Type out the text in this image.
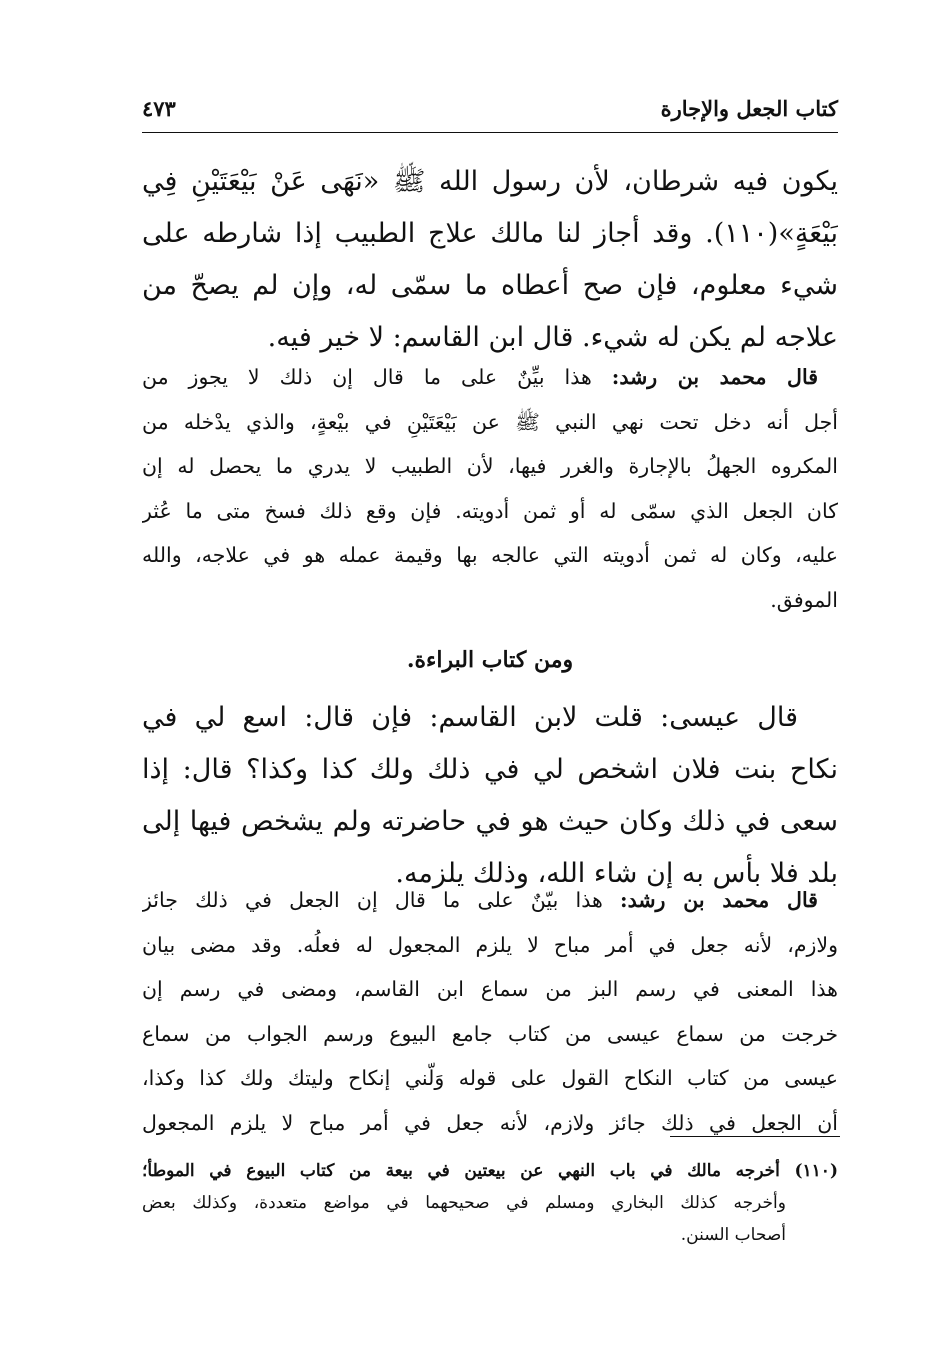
كتاب الجعل والإجارة
٤٧٣
يكون فيه شرطان، لأن رسول الله ﷺ «نَهَى عَنْ بَيْعَتَيْنِ فِي
بَيْعَةٍ»(١١٠). وقد أجاز لنا مالك علاج الطبيب إذا شارطه على
شيء معلوم، فإن صح أعطاه ما سمّى له، وإن لم يصحّ من
علاجه لم يكن له شيء. قال ابن القاسم: لا خير فيه.
قال محمد بن رشد: هذا بيِّنٌ على ما قال إن ذلك لا يجوز من
أجل أنه دخل تحت نهي النبي ﷺ عن بَيْعَتَيْنِ في بيْعةٍ، والذي يدْخله من
المكروه الجهلُ بالإجارة والغرر فيها، لأن الطبيب لا يدري ما يحصل له إن
كان الجعل الذي سمّى له أو ثمن أدويته. فإن وقع ذلك فسخ متى ما عُثر
عليه، وكان له ثمن أدويته التي عالجه بها وقيمة عمله هو في علاجه، والله
الموفق.
ومن كتاب البراءة.
قال عيسى: قلت لابن القاسم: فإن قال: اسع لي في
نكاح بنت فلان اشخص لي في ذلك ولك كذا وكذا؟ قال: إذا
سعى في ذلك وكان حيث هو في حاضرته ولم يشخص فيها إلى
بلد فلا بأس به إن شاء الله، وذلك يلزمه.
قال محمد بن رشد: هذا بيّنٌ على ما قال إن الجعل في ذلك جائز
ولازم، لأنه جعل في أمر مباح لا يلزم المجعول له فعلُه. وقد مضى بيان
هذا المعنى في رسم البز من سماع ابن القاسم، ومضى في رسم إن
خرجت من سماع عيسى من كتاب جامع البيوع ورسم الجواب من سماع
عيسى من كتاب النكاح القول على قوله وَلّني إنكاح وليتك ولك كذا وكذا،
أن الجعل في ذلك جائز ولازم، لأنه جعل في أمر مباح لا يلزم المجعول
(١١٠) أخرجه مالك في باب النهي عن بيعتين في بيعة من كتاب البيوع في الموطأ؛
وأخرجه كذلك البخاري ومسلم في صحيحهما في مواضع متعددة، وكذلك بعض
أصحاب السنن.
